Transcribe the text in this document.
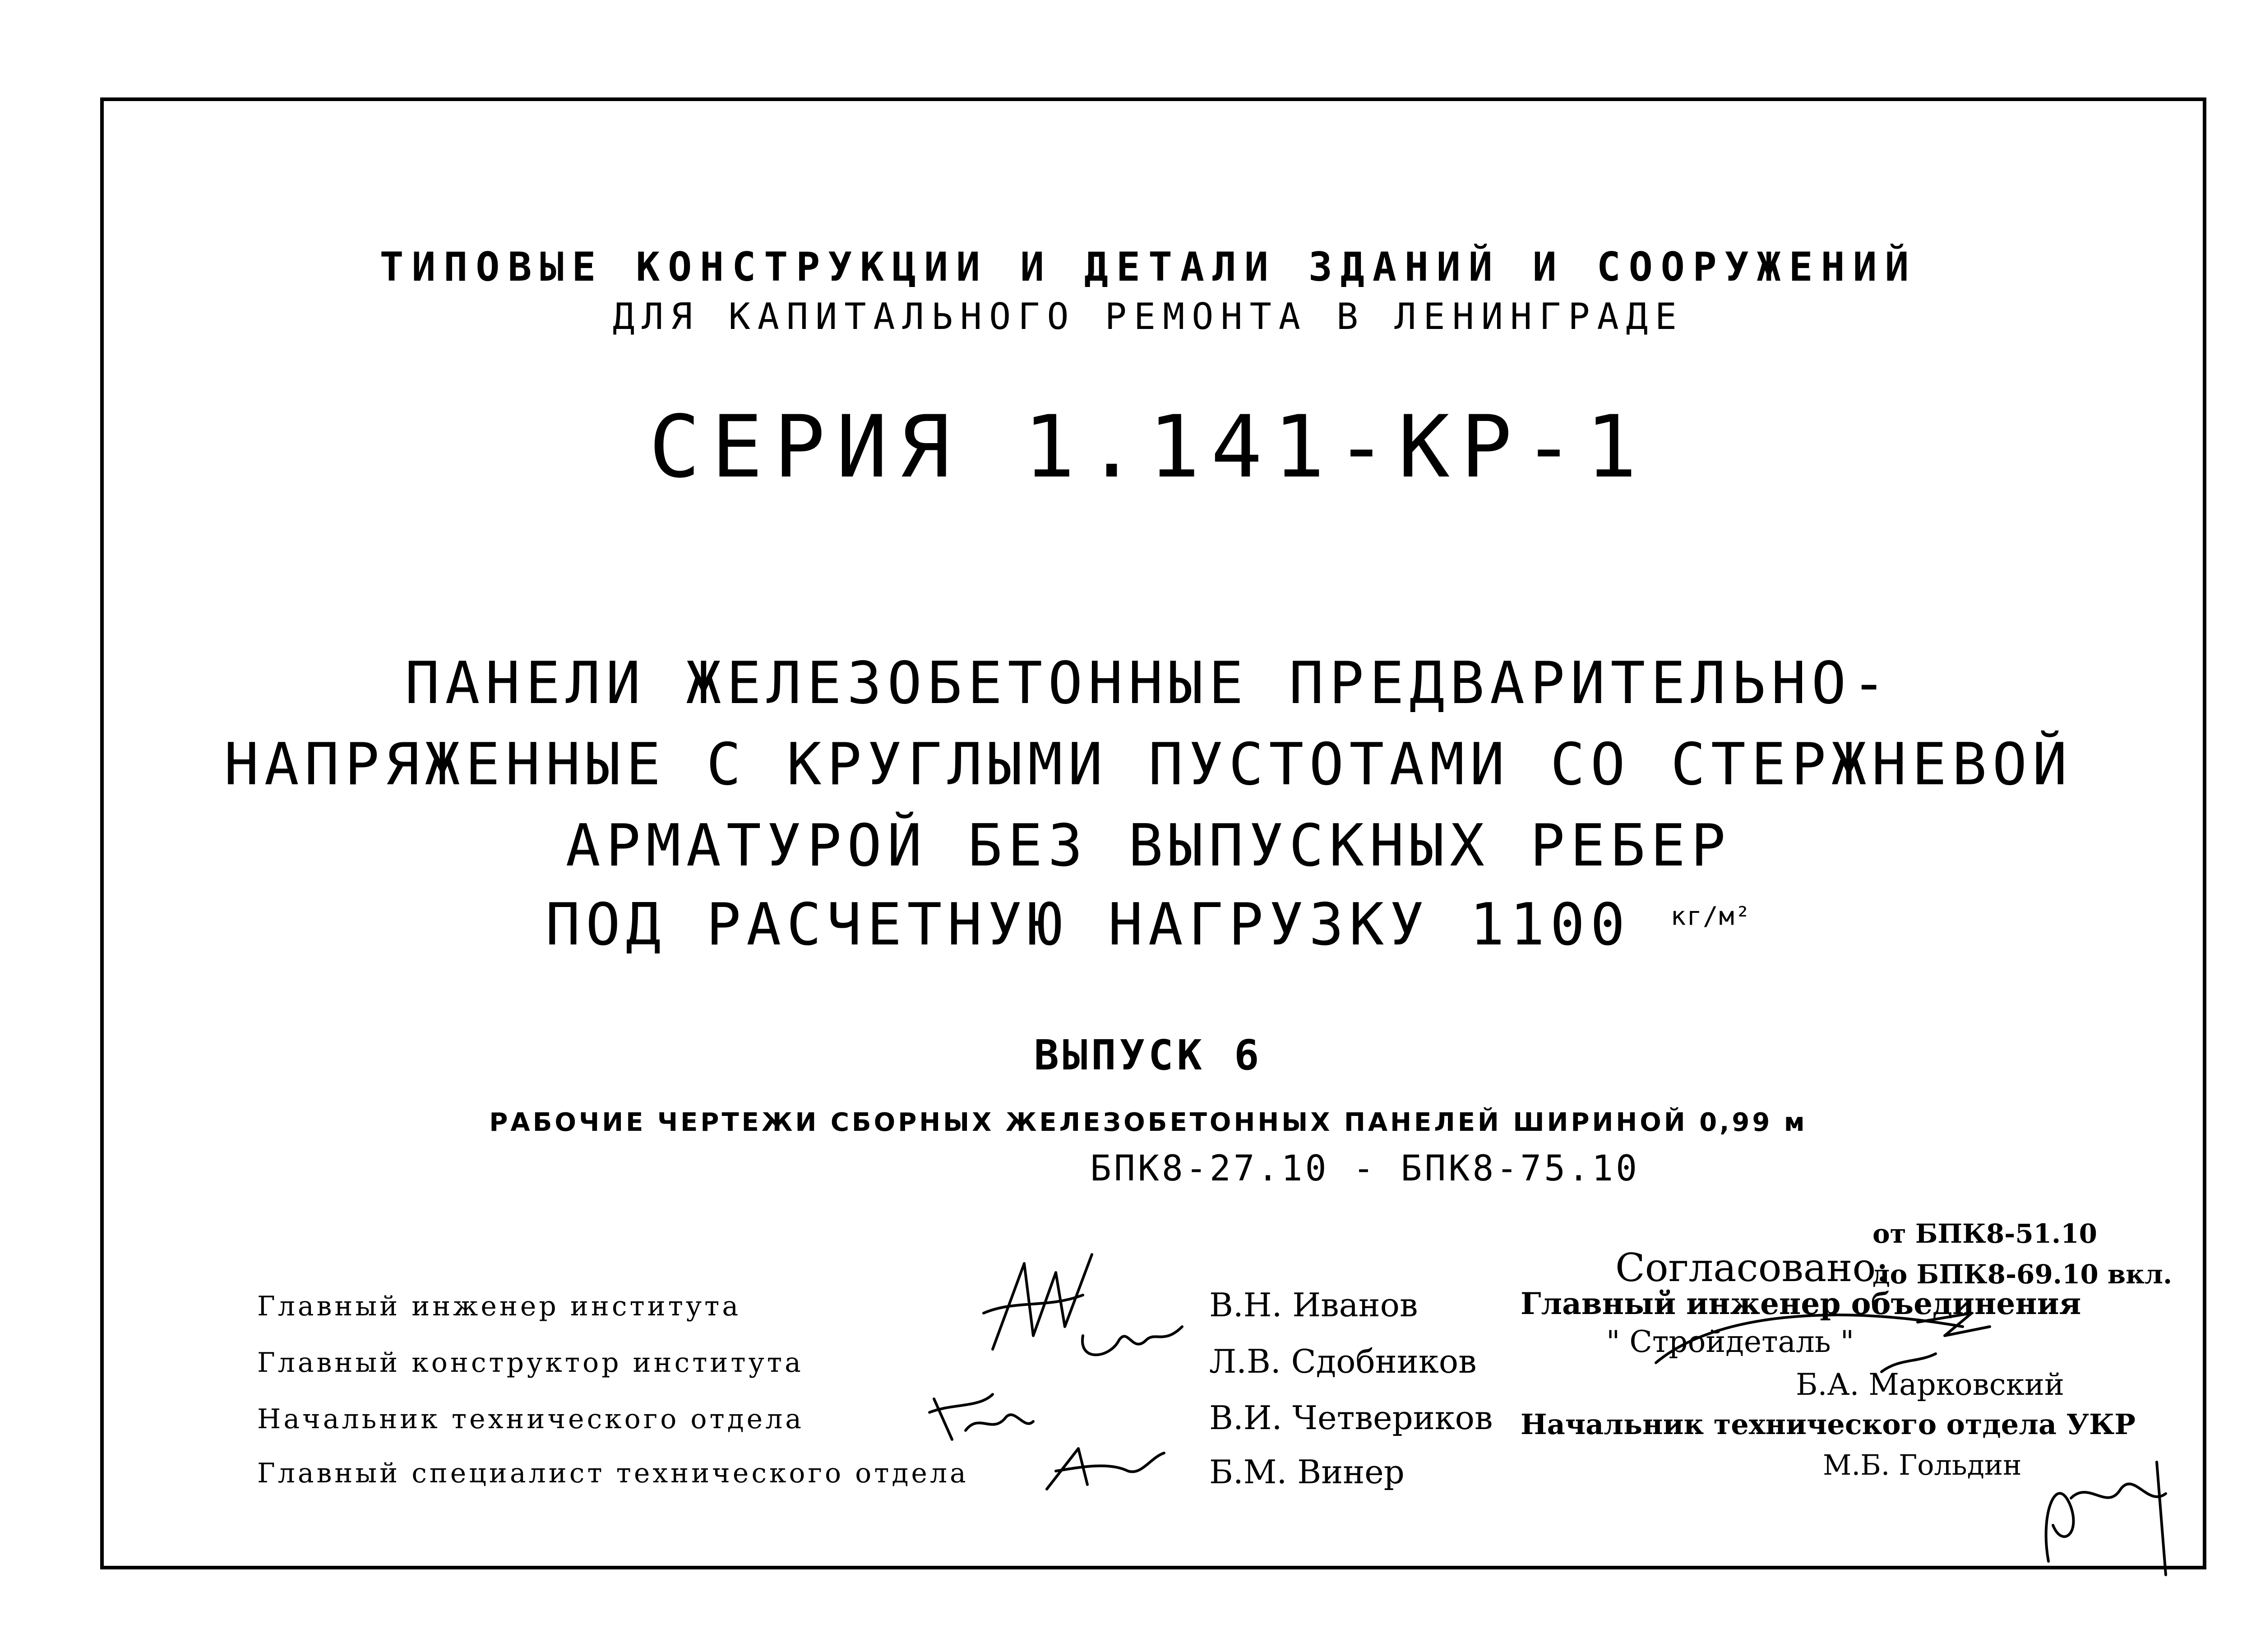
ТИПОВЫЕ КОНСТРУКЦИИ И ДЕТАЛИ ЗДАНИЙ И СООРУЖЕНИЙ
ДЛЯ КАПИТАЛЬНОГО РЕМОНТА В ЛЕНИНГРАДЕ
СЕРИЯ 1.141-КР-1
ПАНЕЛИ ЖЕЛЕЗОБЕТОННЫЕ ПРЕДВАРИТЕЛЬНО-
НАПРЯЖЕННЫЕ С КРУГЛЫМИ ПУСТОТАМИ СО СТЕРЖНЕВОЙ
АРМАТУРОЙ БЕЗ ВЫПУСКНЫХ РЕБЕР
ПОД РАСЧЕТНУЮ НАГРУЗКУ 1100 $^{кг/м^2}$
ВЫПУСК 6
РАБОЧИЕ ЧЕРТЕЖИ СБОРНЫХ ЖЕЛЕЗОБЕТОННЫХ ПАНЕЛЕЙ ШИРИНОЙ 0,99 м
БПК8-27.10 - БПК8-75.10
Главный инженер института
Главный конструктор института
Начальник технического отдела
Главный специалист технического отдела
В.Н. Иванов
Л.В. Сдобников
В.И. Четвериков
Б.М. Винер
Согласовано:
от БПК8-51.10
до БПК8-69.10 вкл.
Главный инженер объединения
" Стройдеталь "
Б.А. Марковский
Начальник технического отдела УКР
М.Б. Гольдин
